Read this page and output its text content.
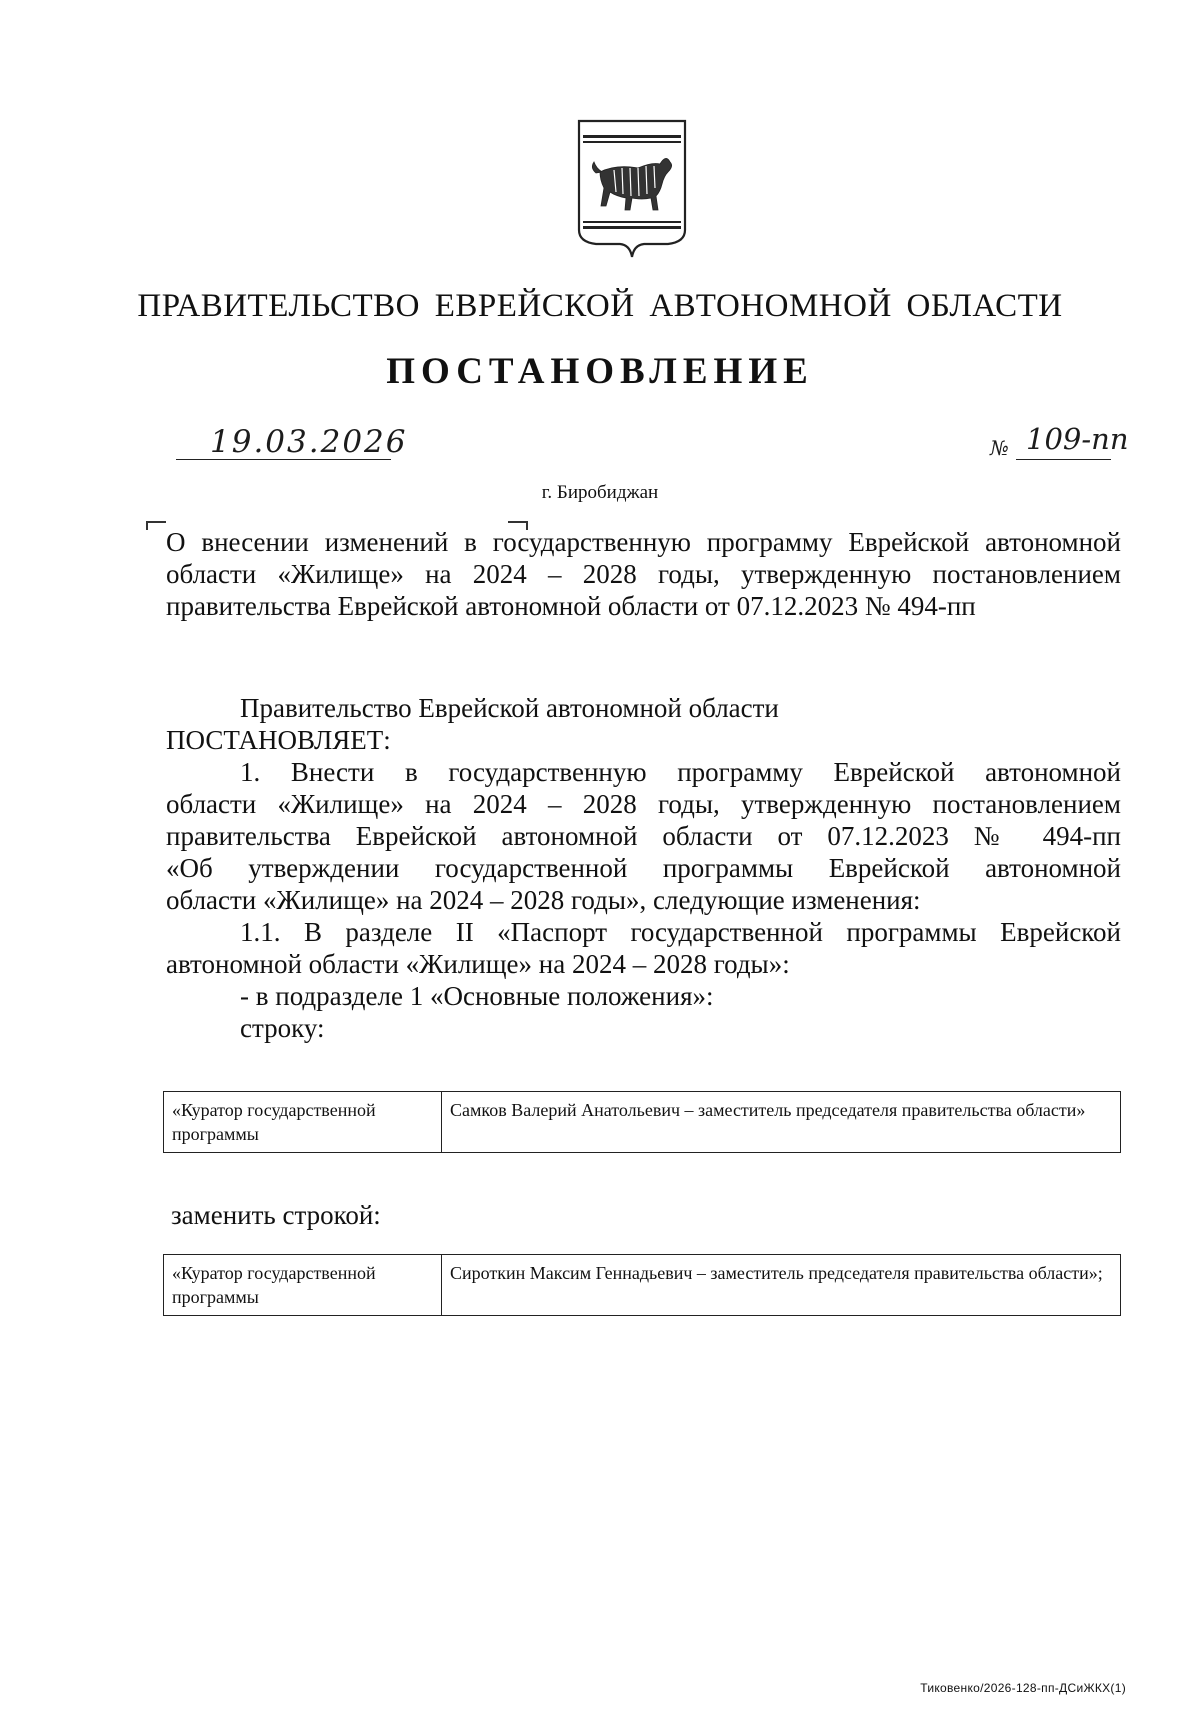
ПРАВИТЕЛЬСТВО ЕВРЕЙСКОЙ АВТОНОМНОЙ ОБЛАСТИ
ПОСТАНОВЛЕНИЕ
19.03.2026	№ 109-пп
г. Биробиджан
О внесении изменений в государственную программу Еврейской автономной
области «Жилище» на 2024 – 2028 годы, утвержденную постановлением
правительства Еврейской автономной области от 07.12.2023 № 494-пп
Правительство Еврейской автономной области
ПОСТАНОВЛЯЕТ:
1. Внести в государственную программу Еврейской автономной
области «Жилище» на 2024 – 2028 годы, утвержденную постановлением
правительства Еврейской автономной области от 07.12.2023 № 494-пп
«Об утверждении государственной программы Еврейской автономной
области «Жилище» на 2024 – 2028 годы», следующие изменения:
1.1. В разделе II «Паспорт государственной программы Еврейской
автономной области «Жилище» на 2024 – 2028 годы»:
- в подразделе 1 «Основные положения»:
строку:
«Куратор государственной программы	Самков Валерий Анатольевич – заместитель председателя правительства области»
заменить строкой:
«Куратор государственной программы	Сироткин Максим Геннадьевич – заместитель председателя правительства области»;
Тиковенко/2026-128-пп-ДСиЖКХ(1)
